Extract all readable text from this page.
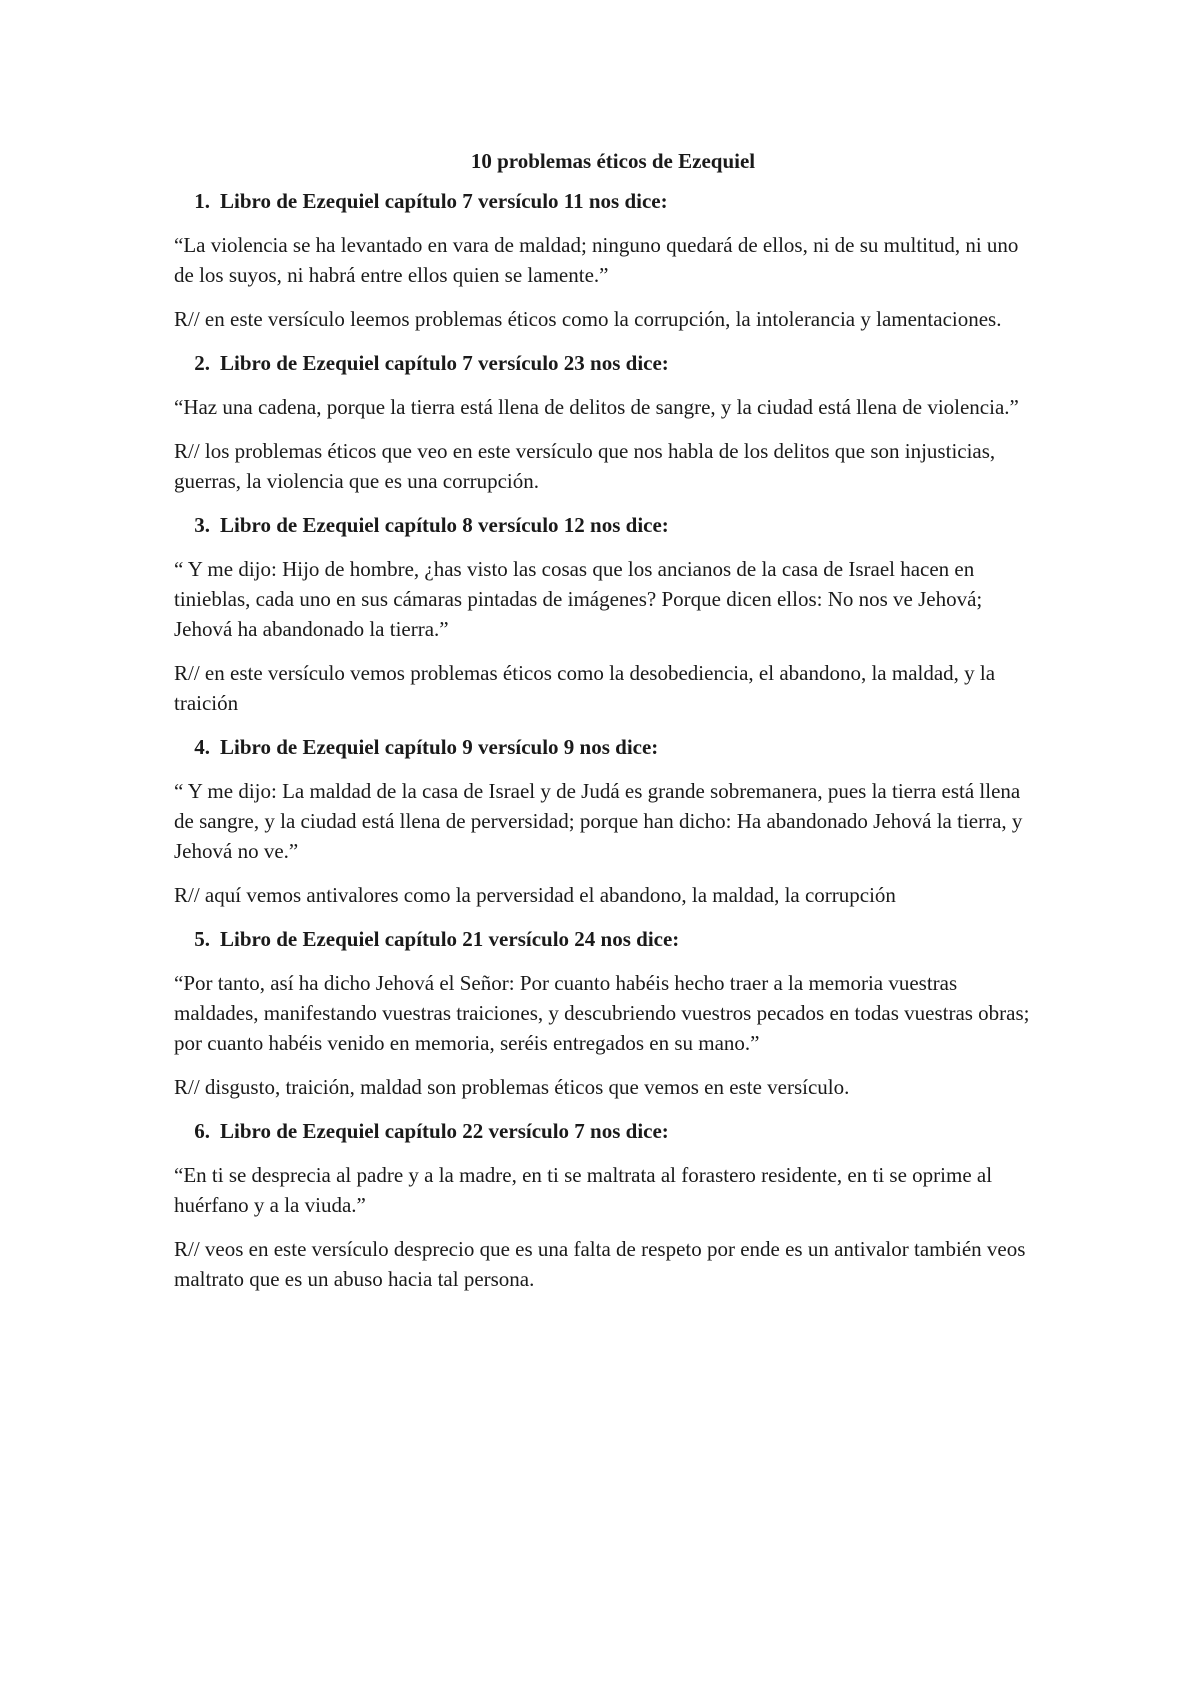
10 problemas éticos de Ezequiel
1. Libro de Ezequiel capítulo 7 versículo 11 nos dice:

“La violencia se ha levantado en vara de maldad; ninguno quedará de ellos, ni de su multitud, ni uno de los suyos, ni habrá entre ellos quien se lamente.”

R// en este versículo leemos problemas éticos como la corrupción, la intolerancia y lamentaciones.

2. Libro de Ezequiel capítulo 7 versículo 23 nos dice:

“Haz una cadena, porque la tierra está llena de delitos de sangre, y la ciudad está llena de violencia.”

R// los problemas éticos que veo en este versículo que nos habla de los delitos que son injusticias, guerras, la violencia que es una corrupción.

3. Libro de Ezequiel capítulo 8 versículo 12 nos dice:

“ Y me dijo: Hijo de hombre, ¿has visto las cosas que los ancianos de la casa de Israel hacen en tinieblas, cada uno en sus cámaras pintadas de imágenes? Porque dicen ellos: No nos ve Jehová; Jehová ha abandonado la tierra.”

R// en este versículo vemos problemas éticos como la desobediencia, el abandono, la maldad, y la traición

4. Libro de Ezequiel capítulo 9 versículo 9 nos dice:

“ Y me dijo: La maldad de la casa de Israel y de Judá es grande sobremanera, pues la tierra está llena de sangre, y la ciudad está llena de perversidad; porque han dicho: Ha abandonado Jehová la tierra, y Jehová no ve.”

R// aquí vemos antivalores como la perversidad el abandono, la maldad, la corrupción

5. Libro de Ezequiel capítulo 21 versículo 24 nos dice:

“Por tanto, así ha dicho Jehová el Señor: Por cuanto habéis hecho traer a la memoria vuestras maldades, manifestando vuestras traiciones, y descubriendo vuestros pecados en todas vuestras obras; por cuanto habéis venido en memoria, seréis entregados en su mano.”

R// disgusto, traición, maldad son problemas éticos que vemos en este versículo.

6. Libro de Ezequiel capítulo 22 versículo 7 nos dice:

“En ti se desprecia al padre y a la madre, en ti se maltrata al forastero residente, en ti se oprime al huérfano y a la viuda.”

R// veos en este versículo desprecio que es una falta de respeto por ende es un antivalor también veos maltrato que es un abuso hacia tal persona.
